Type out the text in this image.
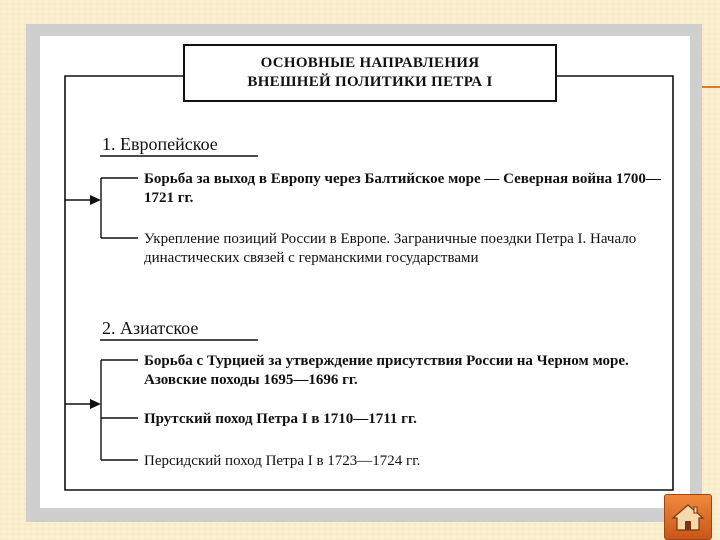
ОСНОВНЫЕ НАПРАВЛЕНИЯ
ВНЕШНЕЙ ПОЛИТИКИ ПЕТРА I
1. Европейское
Борьба за выход в Европу через Балтийское море — Северная война 1700—1721 гг.
Укрепление позиций России в Европе. Заграничные поездки Петра I. Начало династических связей с германскими государствами
2. Азиатское
Борьба с Турцией за утверждение присутствия России на Черном море. Азовские походы 1695—1696 гг.
Прутский поход Петра I в 1710—1711 гг.
Персидский поход Петра I в 1723—1724 гг.
